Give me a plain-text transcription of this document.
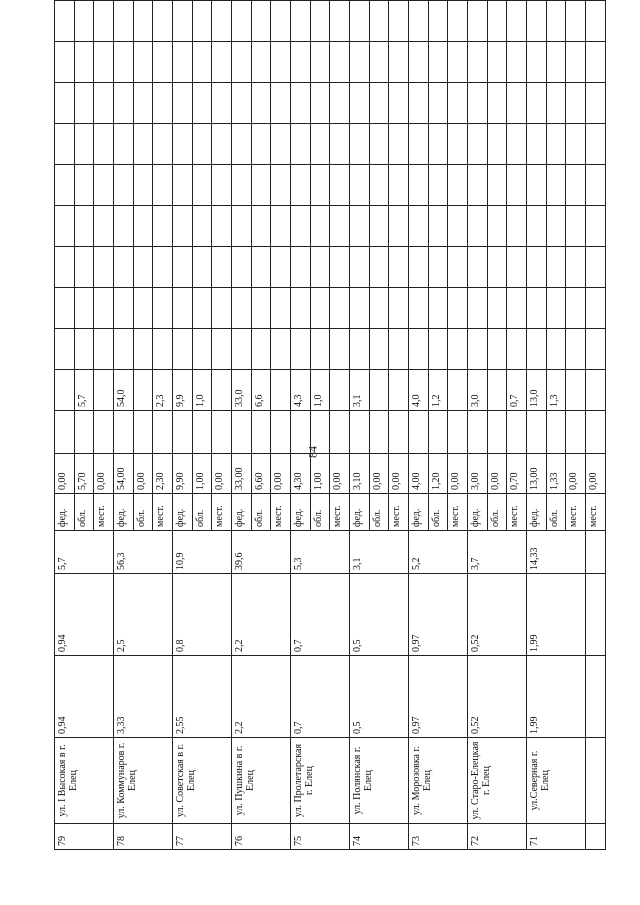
84
79	ул. I Высокая в г. Елец	0,94	0,94	5,7	фед.	0,00											
					обл.	5,70		5,7									
					мест.	0,00											
78	ул. Коммунаров г. Елец	3,33	2,5	56,3	фед.	54,00		54,0									
					обл.	0,00											
					мест.	2,30		2,3									
77	ул. Советская в г. Елец	2,55	0,8	10,9	фед.	9,90		9,9									
					обл.	1,00		1,0									
					мест.	0,00											
76	ул. Пушкина в г. Елец	2,2	2,2	39,6	фед.	33,00		33,0									
					обл.	6,60		6,6									
					мест.	0,00											
75	ул. Пролетарская г. Елец	0,7	0,7	5,3	фед.	4,30		4,3									
					обл.	1,00		1,0									
					мест.	0,00											
74	ул. Полянская г. Елец	0,5	0,5	3,1	фед.	3,10		3,1									
					обл.	0,00											
					мест.	0,00											
73	ул. Морозовка г. Елец	0,97	0,97	5,2	фед.	4,00		4,0									
					обл.	1,20		1,2									
					мест.	0,00											
72	ул. Старо-Елецкая г. Елец	0,52	0,52	3,7	фед.	3,00		3,0									
					обл.	0,00											
					мест.	0,70		0,7									
71	ул.Северная г. Елец	1,99	1,99	14,33	фед.	13,00		13,0									
					обл.	1,33		1,3									
					мест.	0,00											
					мест.	0,00											
